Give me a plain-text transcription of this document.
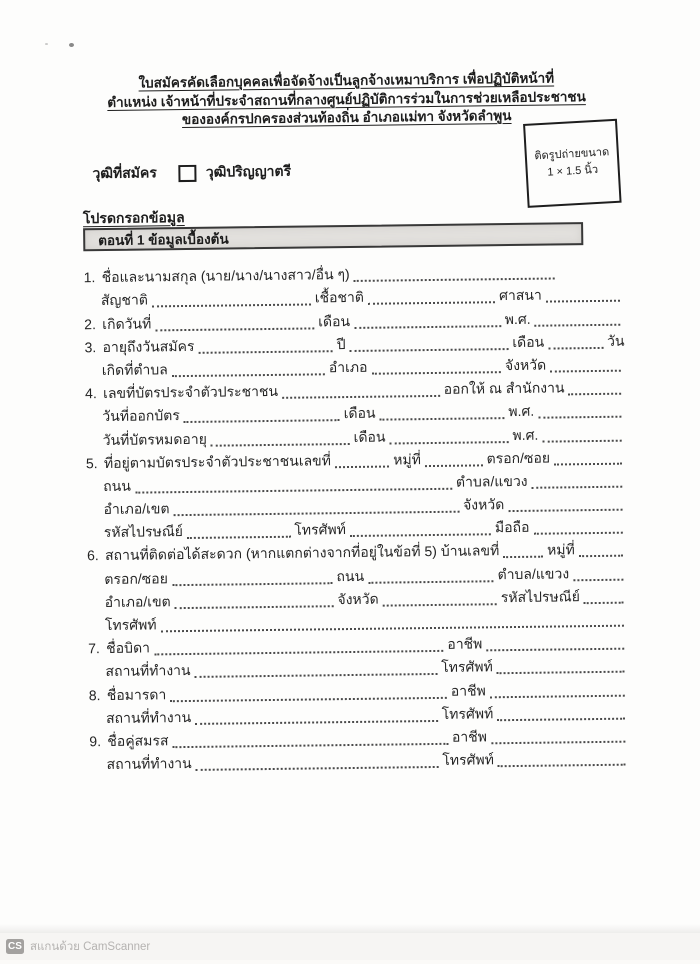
ใบสมัครคัดเลือกบุคคลเพื่อจัดจ้างเป็นลูกจ้างเหมาบริการ เพื่อปฏิบัติหน้าที่
ตำแหน่ง เจ้าหน้าที่ประจำสถานที่กลางศูนย์ปฏิบัติการร่วมในการช่วยเหลือประชาชน
ขององค์กรปกครองส่วนท้องถิ่น อำเภอแม่ทา จังหวัดลำพูน
ติดรูปถ่ายขนาด
1 × 1.5 นิ้ว
วุฒิที่สมัคร	วุฒิปริญญาตรี
โปรดกรอกข้อมูล
ตอนที่ 1 ข้อมูลเบื้องต้น
1. ชื่อและนามสกุล (นาย/นาง/นางสาว/อื่น ๆ)
สัญชาติ	เชื้อชาติ	ศาสนา
2. เกิดวันที่	เดือน	พ.ศ.
3. อายุถึงวันสมัคร	ปี	เดือน	วัน
เกิดที่ตำบล	อำเภอ	จังหวัด
4. เลขที่บัตรประจำตัวประชาชน	ออกให้ ณ สำนักงาน
วันที่ออกบัตร	เดือน	พ.ศ.
วันที่บัตรหมดอายุ	เดือน	พ.ศ.
5. ที่อยู่ตามบัตรประจำตัวประชาชนเลขที่	หมู่ที่	ตรอก/ซอย
ถนน	ตำบล/แขวง
อำเภอ/เขต	จังหวัด
รหัสไปรษณีย์	โทรศัพท์	มือถือ
6. สถานที่ติดต่อได้สะดวก (หากแตกต่างจากที่อยู่ในข้อที่ 5) บ้านเลขที่	หมู่ที่
ตรอก/ซอย	ถนน	ตำบล/แขวง
อำเภอ/เขต	จังหวัด	รหัสไปรษณีย์
โทรศัพท์
7. ชื่อบิดา	อาชีพ
สถานที่ทำงาน	โทรศัพท์
8. ชื่อมารดา	อาชีพ
สถานที่ทำงาน	โทรศัพท์
9. ชื่อคู่สมรส	อาชีพ
สถานที่ทำงาน	โทรศัพท์
CS สแกนด้วย CamScanner
